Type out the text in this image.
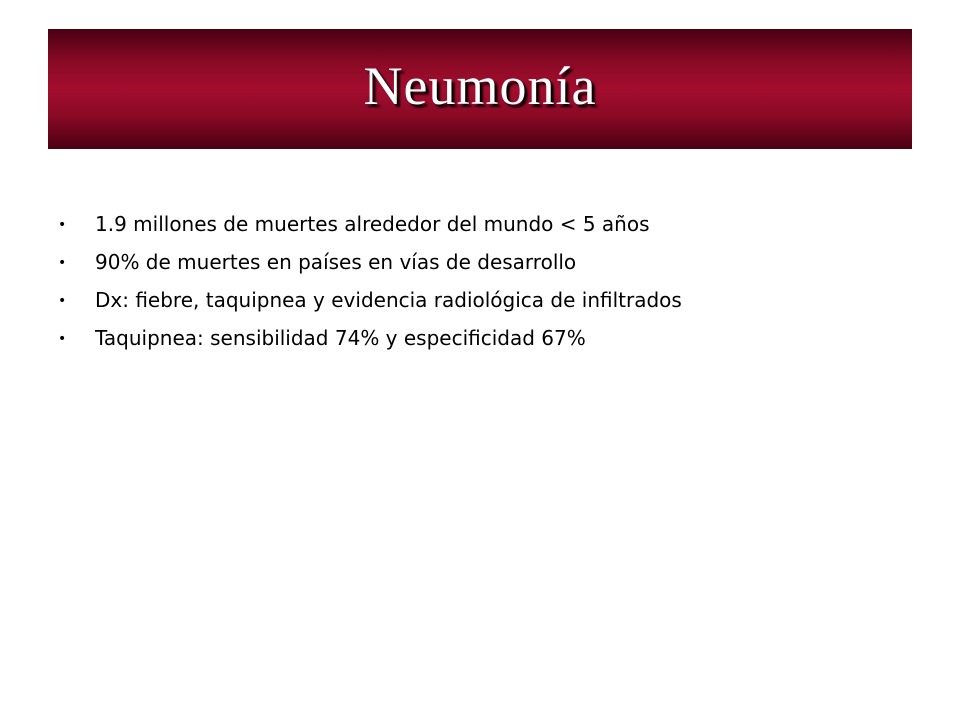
Neumonía
•	1.9 millones de muertes alrededor del mundo < 5 años
•	90% de muertes en países en vías de desarrollo
•	Dx: fiebre, taquipnea y evidencia radiológica de infiltrados
•	Taquipnea: sensibilidad 74% y especificidad 67%
